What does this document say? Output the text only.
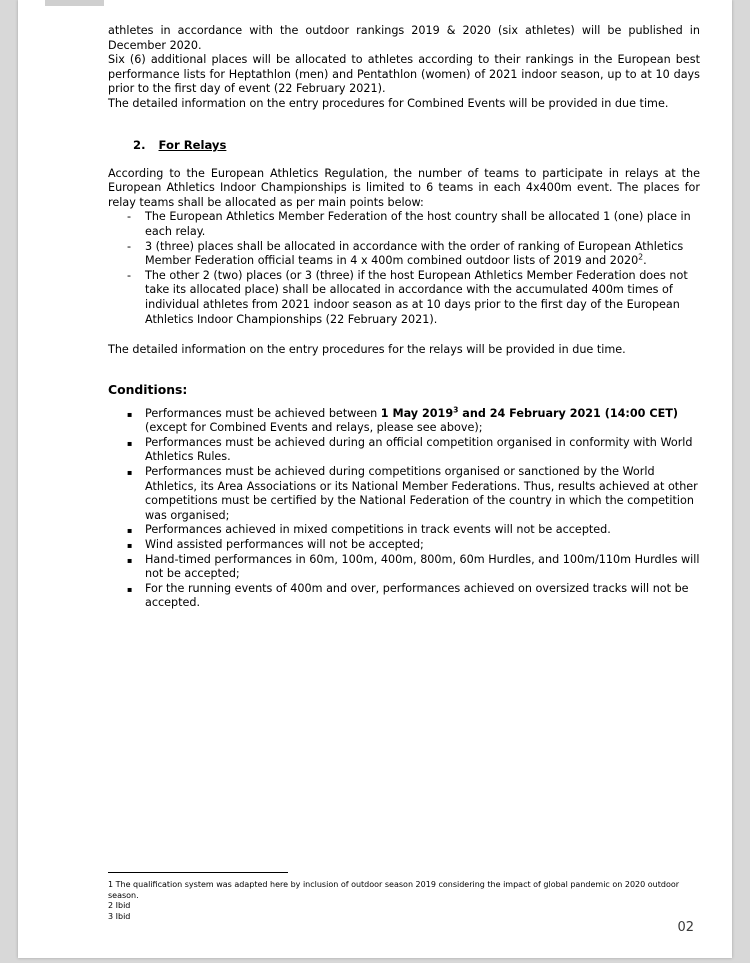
athletes in accordance with the outdoor rankings 2019 & 2020 (six athletes) will be published in December 2020.

Six (6) additional places will be allocated to athletes according to their rankings in the European best performance lists for Heptathlon (men) and Pentathlon (women) of 2021 indoor season, up to at 10 days prior to the first day of event (22 February 2021).

The detailed information on the entry procedures for Combined Events will be provided in due time.

2. For Relays

According to the European Athletics Regulation, the number of teams to participate in relays at the European Athletics Indoor Championships is limited to 6 teams in each 4x400m event. The places for relay teams shall be allocated as per main points below:

- The European Athletics Member Federation of the host country shall be allocated 1 (one) place in each relay.
- 3 (three) places shall be allocated in accordance with the order of ranking of European Athletics Member Federation official teams in 4 x 400m combined outdoor lists of 2019 and 2020$^2$.
- The other 2 (two) places (or 3 (three) if the host European Athletics Member Federation does not take its allocated place) shall be allocated in accordance with the accumulated 400m times of individual athletes from 2021 indoor season as at 10 days prior to the first day of the European Athletics Indoor Championships (22 February 2021).

The detailed information on the entry procedures for the relays will be provided in due time.

Conditions:
▪ Performances must be achieved between 1 May 2019$^3$ and 24 February 2021 (14:00 CET) (except for Combined Events and relays, please see above);
▪ Performances must be achieved during an official competition organised in conformity with World Athletics Rules.
▪ Performances must be achieved during competitions organised or sanctioned by the World Athletics, its Area Associations or its National Member Federations. Thus, results achieved at other competitions must be certified by the National Federation of the country in which the competition was organised;
▪ Performances achieved in mixed competitions in track events will not be accepted.
▪ Wind assisted performances will not be accepted;
▪ Hand-timed performances in 60m, 100m, 400m, 800m, 60m Hurdles, and 100m/110m Hurdles will not be accepted;
▪ For the running events of 400m and over, performances achieved on oversized tracks will not be accepted.
1 The qualification system was adapted here by inclusion of outdoor season 2019 considering the impact of global pandemic on 2020 outdoor season.
2 Ibid
3 Ibid
02
